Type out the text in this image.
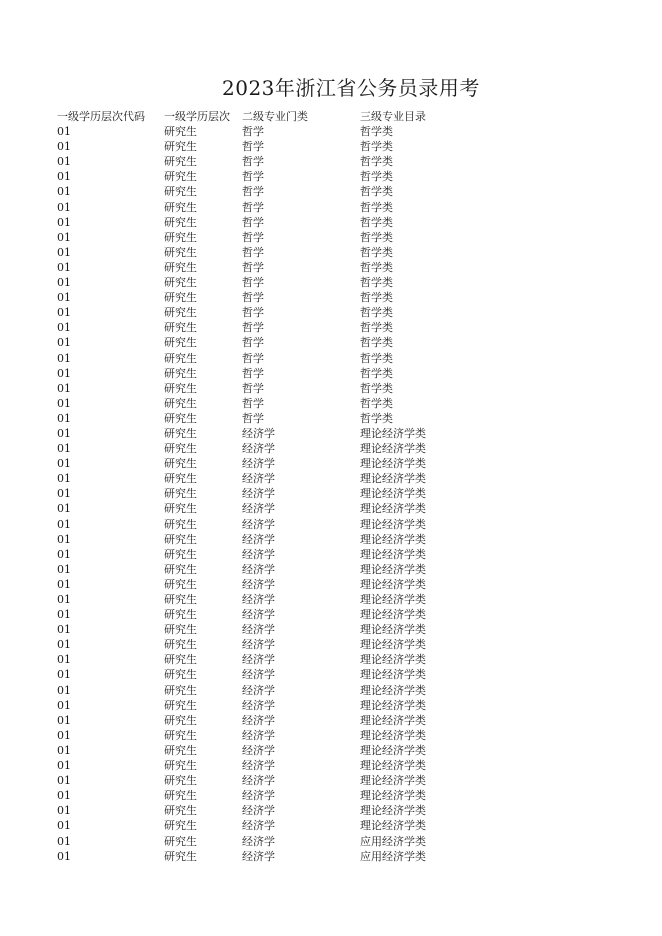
2023年浙江省公务员录用考
一级学历层次代码	一级学历层次	二级专业门类	三级专业目录
01	研究生	哲学	哲学类
01	研究生	哲学	哲学类
01	研究生	哲学	哲学类
01	研究生	哲学	哲学类
01	研究生	哲学	哲学类
01	研究生	哲学	哲学类
01	研究生	哲学	哲学类
01	研究生	哲学	哲学类
01	研究生	哲学	哲学类
01	研究生	哲学	哲学类
01	研究生	哲学	哲学类
01	研究生	哲学	哲学类
01	研究生	哲学	哲学类
01	研究生	哲学	哲学类
01	研究生	哲学	哲学类
01	研究生	哲学	哲学类
01	研究生	哲学	哲学类
01	研究生	哲学	哲学类
01	研究生	哲学	哲学类
01	研究生	哲学	哲学类
01	研究生	经济学	理论经济学类
01	研究生	经济学	理论经济学类
01	研究生	经济学	理论经济学类
01	研究生	经济学	理论经济学类
01	研究生	经济学	理论经济学类
01	研究生	经济学	理论经济学类
01	研究生	经济学	理论经济学类
01	研究生	经济学	理论经济学类
01	研究生	经济学	理论经济学类
01	研究生	经济学	理论经济学类
01	研究生	经济学	理论经济学类
01	研究生	经济学	理论经济学类
01	研究生	经济学	理论经济学类
01	研究生	经济学	理论经济学类
01	研究生	经济学	理论经济学类
01	研究生	经济学	理论经济学类
01	研究生	经济学	理论经济学类
01	研究生	经济学	理论经济学类
01	研究生	经济学	理论经济学类
01	研究生	经济学	理论经济学类
01	研究生	经济学	理论经济学类
01	研究生	经济学	理论经济学类
01	研究生	经济学	理论经济学类
01	研究生	经济学	理论经济学类
01	研究生	经济学	理论经济学类
01	研究生	经济学	理论经济学类
01	研究生	经济学	理论经济学类
01	研究生	经济学	应用经济学类
01	研究生	经济学	应用经济学类
